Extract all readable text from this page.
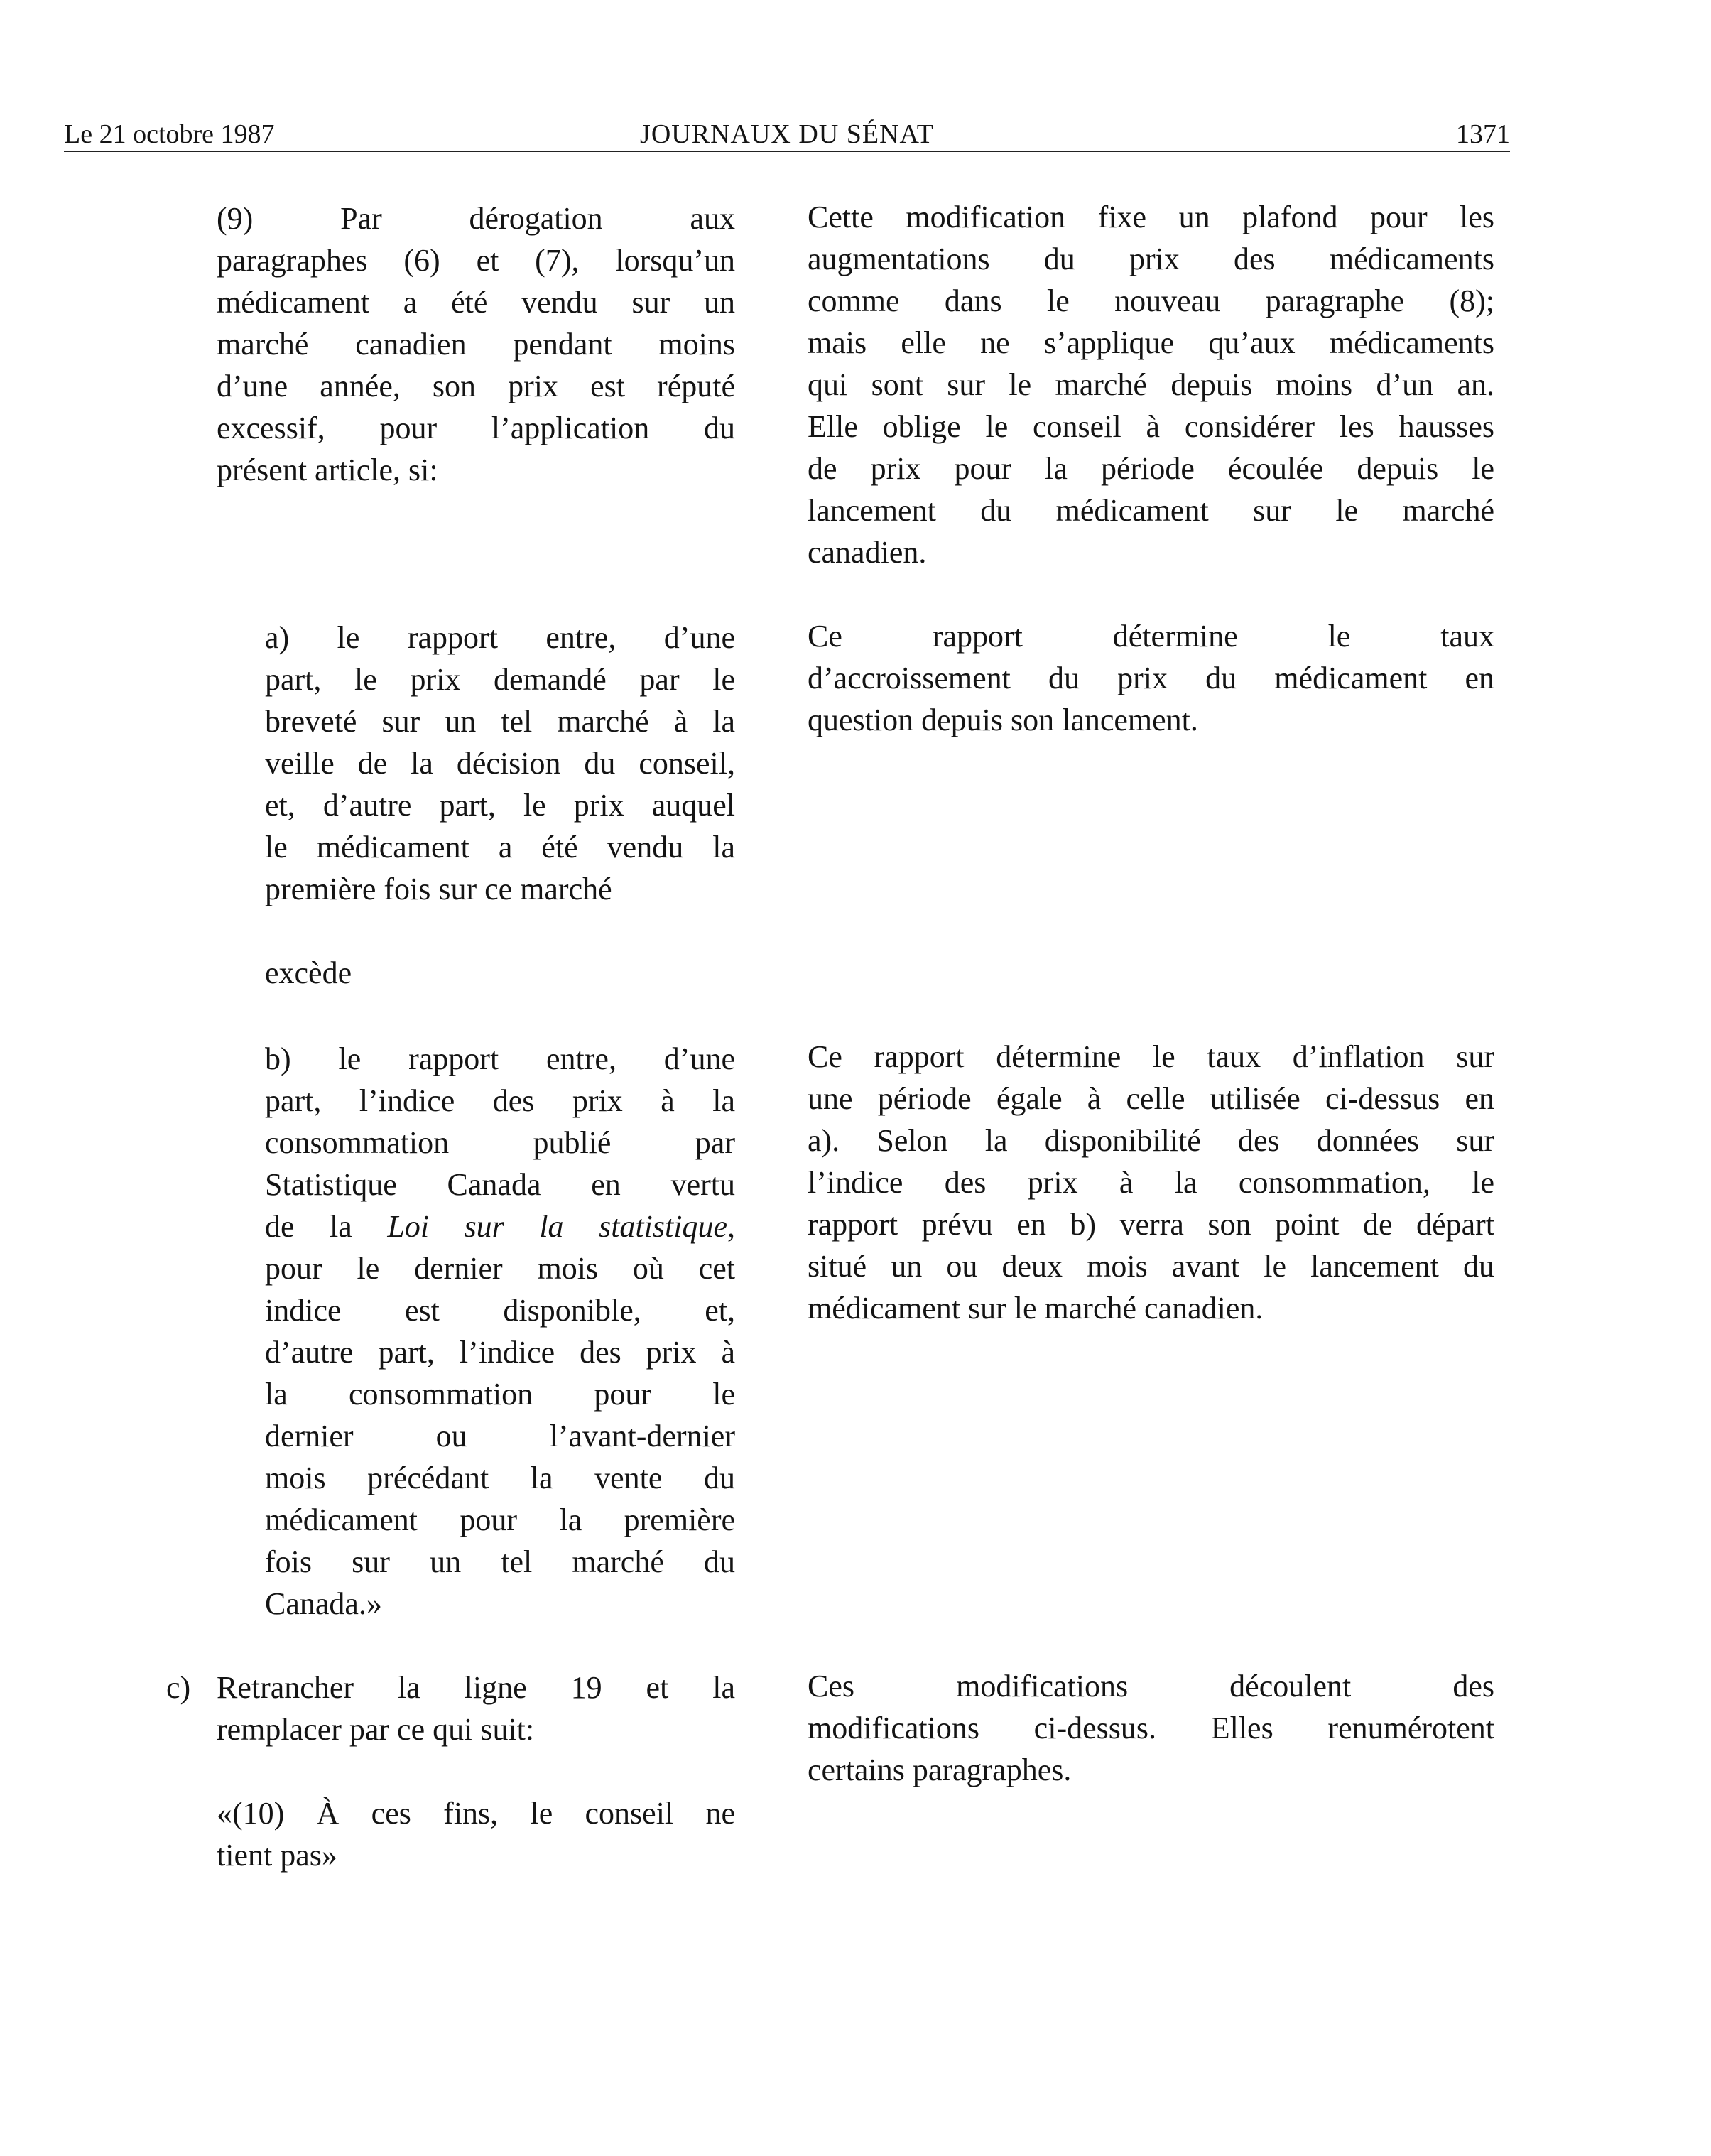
Le 21 octobre 1987	JOURNAUX DU SÉNAT	1371
(9) Par dérogation aux
paragraphes (6) et (7), lorsqu’un
médicament a été vendu sur un
marché canadien pendant moins
d’une année, son prix est réputé
excessif, pour l’application du
présent article, si:
a) le rapport entre, d’une
part, le prix demandé par le
breveté sur un tel marché à la
veille de la décision du conseil,
et, d’autre part, le prix auquel
le médicament a été vendu la
première fois sur ce marché
excède
b) le rapport entre, d’une
part, l’indice des prix à la
consommation publié par
Statistique Canada en vertu
de la Loi sur la statistique,
pour le dernier mois où cet
indice est disponible, et,
d’autre part, l’indice des prix à
la consommation pour le
dernier ou l’avant-dernier
mois précédant la vente du
médicament pour la première
fois sur un tel marché du
Canada.»
c) Retrancher la ligne 19 et la
remplacer par ce qui suit:
«(10) À ces fins, le conseil ne
tient pas»
Cette modification fixe un plafond pour les
augmentations du prix des médicaments
comme dans le nouveau paragraphe (8);
mais elle ne s’applique qu’aux médicaments
qui sont sur le marché depuis moins d’un an.
Elle oblige le conseil à considérer les hausses
de prix pour la période écoulée depuis le
lancement du médicament sur le marché
canadien.
Ce rapport détermine le taux
d’accroissement du prix du médicament en
question depuis son lancement.
Ce rapport détermine le taux d’inflation sur
une période égale à celle utilisée ci-dessus en
a). Selon la disponibilité des données sur
l’indice des prix à la consommation, le
rapport prévu en b) verra son point de départ
situé un ou deux mois avant le lancement du
médicament sur le marché canadien.
Ces modifications découlent des
modifications ci-dessus. Elles renumérotent
certains paragraphes.
